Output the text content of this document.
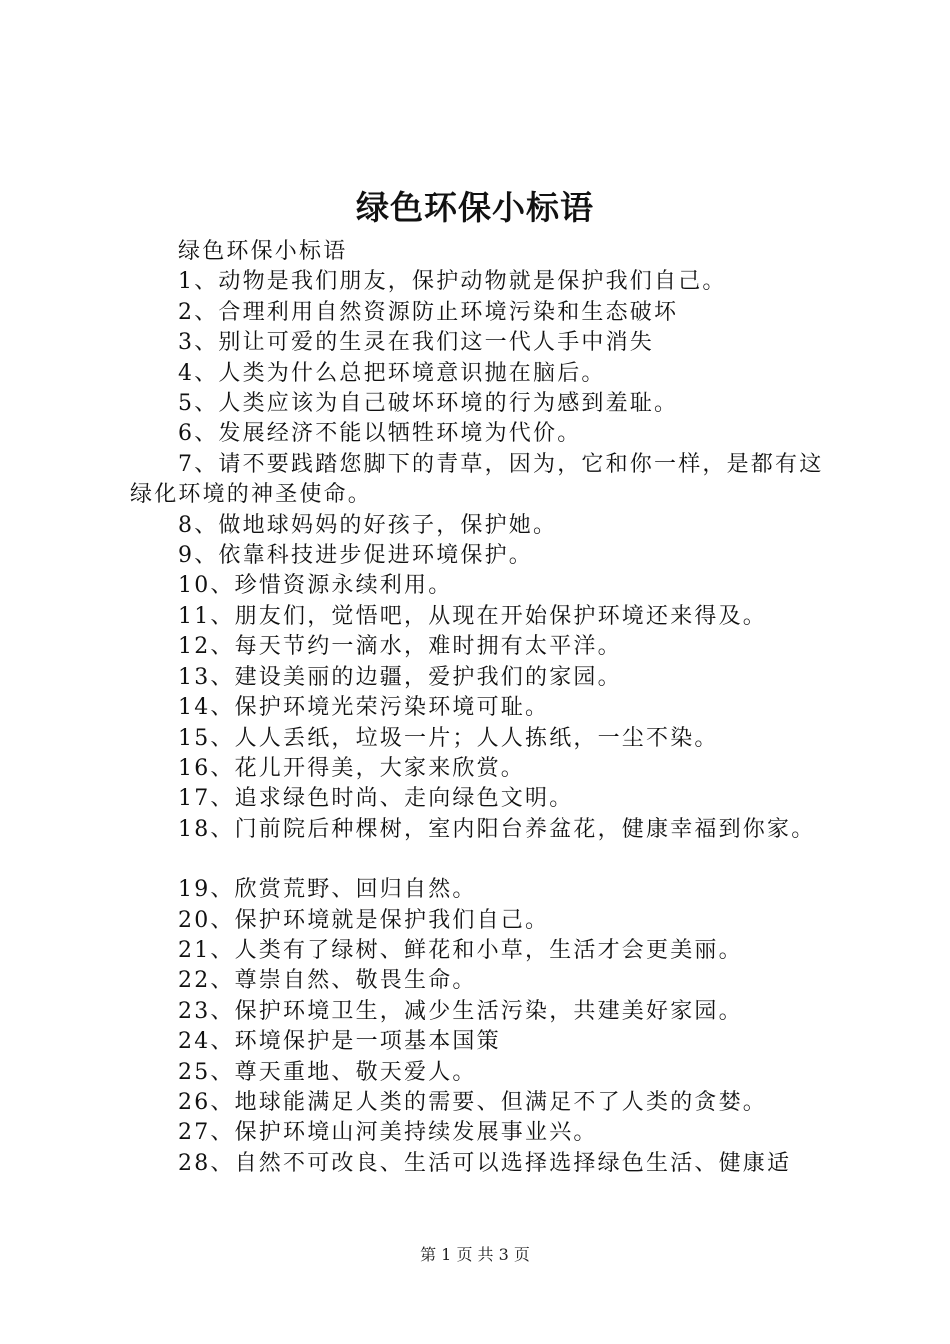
绿色环保小标语

绿色环保小标语

1、动物是我们朋友，保护动物就是保护我们自己。

2、合理利用自然资源防止环境污染和生态破坏

3、别让可爱的生灵在我们这一代人手中消失

4、人类为什么总把环境意识抛在脑后。

5、人类应该为自己破坏环境的行为感到羞耻。

6、发展经济不能以牺牲环境为代价。

7、请不要践踏您脚下的青草，因为，它和你一样，是都有这绿化环境的神圣使命。

8、做地球妈妈的好孩子，保护她。

9、依靠科技进步促进环境保护。

10、珍惜资源永续利用。

11、朋友们，觉悟吧，从现在开始保护环境还来得及。

12、每天节约一滴水，难时拥有太平洋。

13、建设美丽的边疆，爱护我们的家园。

14、保护环境光荣污染环境可耻。

15、人人丢纸，垃圾一片；人人拣纸，一尘不染。

16、花儿开得美，大家来欣赏。

17、追求绿色时尚、走向绿色文明。

18、门前院后种棵树，室内阳台养盆花，健康幸福到你家。

19、欣赏荒野、回归自然。

20、保护环境就是保护我们自己。

21、人类有了绿树、鲜花和小草，生活才会更美丽。

22、尊崇自然、敬畏生命。

23、保护环境卫生，减少生活污染，共建美好家园。

24、环境保护是一项基本国策

25、尊天重地、敬天爱人。

26、地球能满足人类的需要、但满足不了人类的贪婪。

27、保护环境山河美持续发展事业兴。

28、自然不可改良、生活可以选择选择绿色生活、健康适

第 1 页 共 3 页
